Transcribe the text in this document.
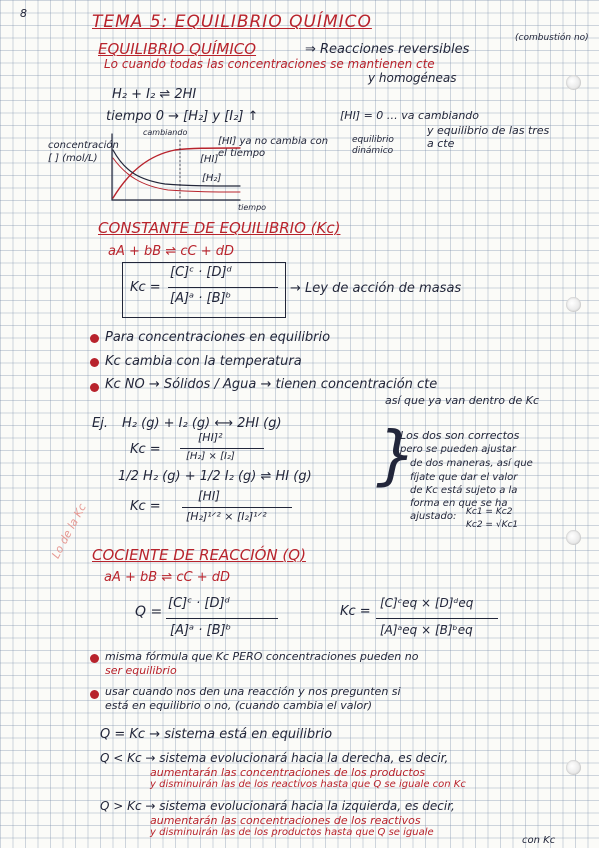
8	TEMA 5: EQUILIBRIO QUÍMICO
EQUILIBRIO QUÍMICO	⇒ Reacciones reversibles
(combustión no)
Lo cuando todas las concentraciones se mantienen cte
y homogéneas
H₂ + I₂ ⇌ 2HI
tiempo 0 → [H₂] y [I₂] ↑	[HI] = 0 … va cambiando
y equilibrio de las tres a cte
concentración [ ] (mol/L)
cambiando
[HI] ya no cambia con el tiempo
equilibrio dinámico
[HI]
[H₂]
tiempo
CONSTANTE DE EQUILIBRIO (Kc)
aA + bB ⇌ cC + dD
Kc =
[C]ᶜ · [D]ᵈ
[A]ᵃ · [B]ᵇ
→ Ley de acción de masas
Para concentraciones en equilibrio
Kc cambia con la temperatura
Kc NO → Sólidos / Agua → tienen concentración cte
así que ya van dentro de Kc
Ej. H₂ (g) + I₂ (g) ⟷ 2HI (g)
Kc =
[HI]²
[H₂] × [I₂]
1/2 H₂ (g) + 1/2 I₂ (g) ⇌ HI (g)
Kc =
[HI]
[H₂]¹ᐟ² × [I₂]¹ᐟ²
}
Los dos son correctos
pero se pueden ajustar
de dos maneras, así que
fíjate que dar el valor
de Kc está sujeto a la
forma en que se ha
ajustado: Kc1 = Kc2
Kc2 = √Kc1
Lo de la Kc COCIENTE DE REACCIÓN (Q)
aA + bB ⇌ cC + dD
Q =
[C]ᶜ · [D]ᵈ
[A]ᵃ · [B]ᵇ
Kc =
[C]ᶜeq × [D]ᵈeq
[A]ᵃeq × [B]ᵇeq
misma fórmula que Kc PERO concentraciones pueden no
ser equilibrio
usar cuando nos den una reacción y nos pregunten si
está en equilibrio o no, (cuando cambia el valor)
Q = Kc → sistema está en equilibrio
Q < Kc → sistema evolucionará hacia la derecha, es decir,
aumentarán las concentraciones de los productos
y disminuirán las de los reactivos hasta que Q se iguale con Kc
Q > Kc → sistema evolucionará hacia la izquierda, es decir,
aumentarán las concentraciones de los reactivos
y disminuirán las de los productos hasta que Q se iguale
con Kc
